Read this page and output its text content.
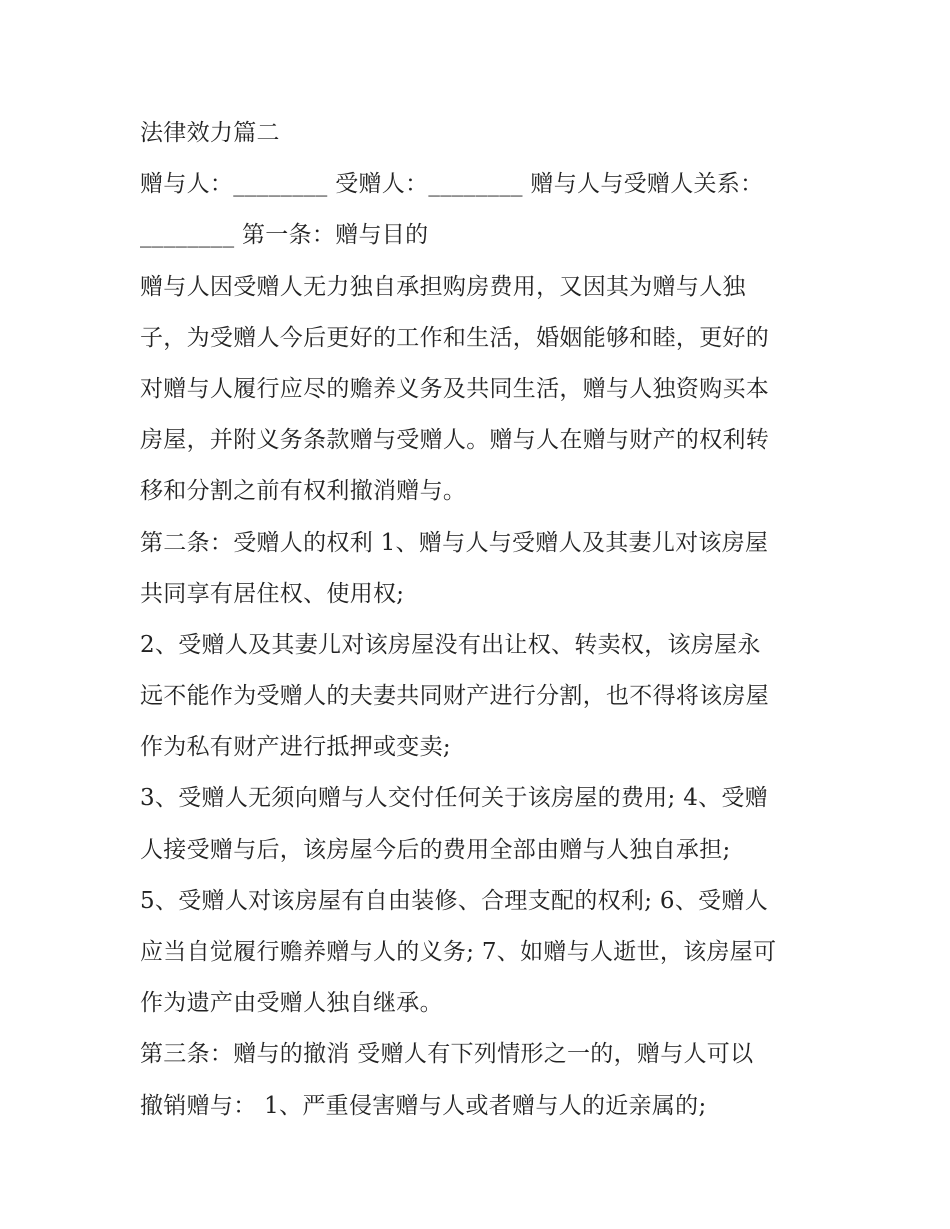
法律效力篇二
赠与人：________ 受赠人：________ 赠与人与受赠人关系：
________ 第一条：赠与目的
赠与人因受赠人无力独自承担购房费用，又因其为赠与人独
子，为受赠人今后更好的工作和生活，婚姻能够和睦，更好的
对赠与人履行应尽的赡养义务及共同生活，赠与人独资购买本
房屋，并附义务条款赠与受赠人。赠与人在赠与财产的权利转
移和分割之前有权利撤消赠与。
第二条：受赠人的权利 1、赠与人与受赠人及其妻儿对该房屋
共同享有居住权、使用权;
2、受赠人及其妻儿对该房屋没有出让权、转卖权，该房屋永
远不能作为受赠人的夫妻共同财产进行分割，也不得将该房屋
作为私有财产进行抵押或变卖;
3、受赠人无须向赠与人交付任何关于该房屋的费用; 4、受赠
人接受赠与后，该房屋今后的费用全部由赠与人独自承担;
5、受赠人对该房屋有自由装修、合理支配的权利; 6、受赠人
应当自觉履行赡养赠与人的义务; 7、如赠与人逝世，该房屋可
作为遗产由受赠人独自继承。
第三条：赠与的撤消 受赠人有下列情形之一的，赠与人可以
撤销赠与： 1、严重侵害赠与人或者赠与人的近亲属的;
